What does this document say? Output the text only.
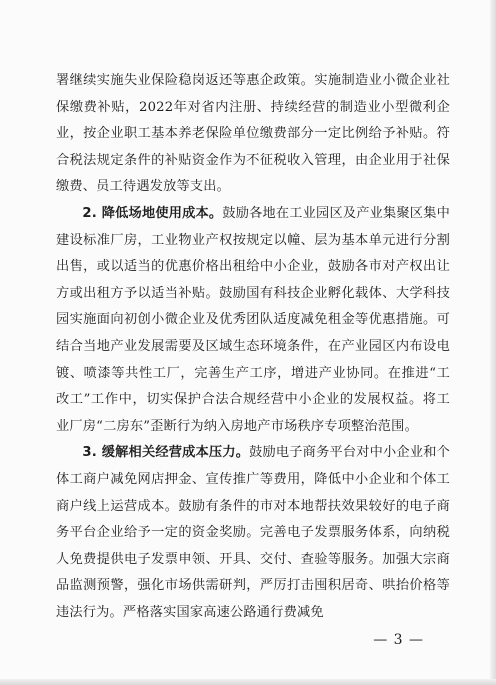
署继续实施失业保险稳岗返还等惠企政策。实施制造业小微企业社保缴费补贴，2022年对省内注册、持续经营的制造业小型微利企业，按企业职工基本养老保险单位缴费部分一定比例给予补贴。符合税法规定条件的补贴资金作为不征税收入管理，由企业用于社保缴费、员工待遇发放等支出。

2. 降低场地使用成本。鼓励各地在工业园区及产业集聚区集中建设标准厂房，工业物业产权按规定以幢、层为基本单元进行分割出售，或以适当的优惠价格出租给中小企业，鼓励各市对产权出让方或出租方予以适当补贴。鼓励国有科技企业孵化载体、大学科技园实施面向初创小微企业及优秀团队适度减免租金等优惠措施。可结合当地产业发展需要及区域生态环境条件，在产业园区内布设电镀、喷漆等共性工厂，完善生产工序，增进产业协同。在推进“工改工”工作中，切实保护合法合规经营中小企业的发展权益。将工业厂房“二房东”歪断行为纳入房地产市场秩序专项整治范围。

3. 缓解相关经营成本压力。鼓励电子商务平台对中小企业和个体工商户减免网店押金、宣传推广等费用，降低中小企业和个体工商户线上运营成本。鼓励有条件的市对本地帮扶效果较好的电子商务平台企业给予一定的资金奖励。完善电子发票服务体系，向纳税人免费提供电子发票申领、开具、交付、查验等服务。加强大宗商品监测预警，强化市场供需研判，严厉打击囤积居奇、哄抬价格等违法行为。严格落实国家高速公路通行费减免

— 3 —
